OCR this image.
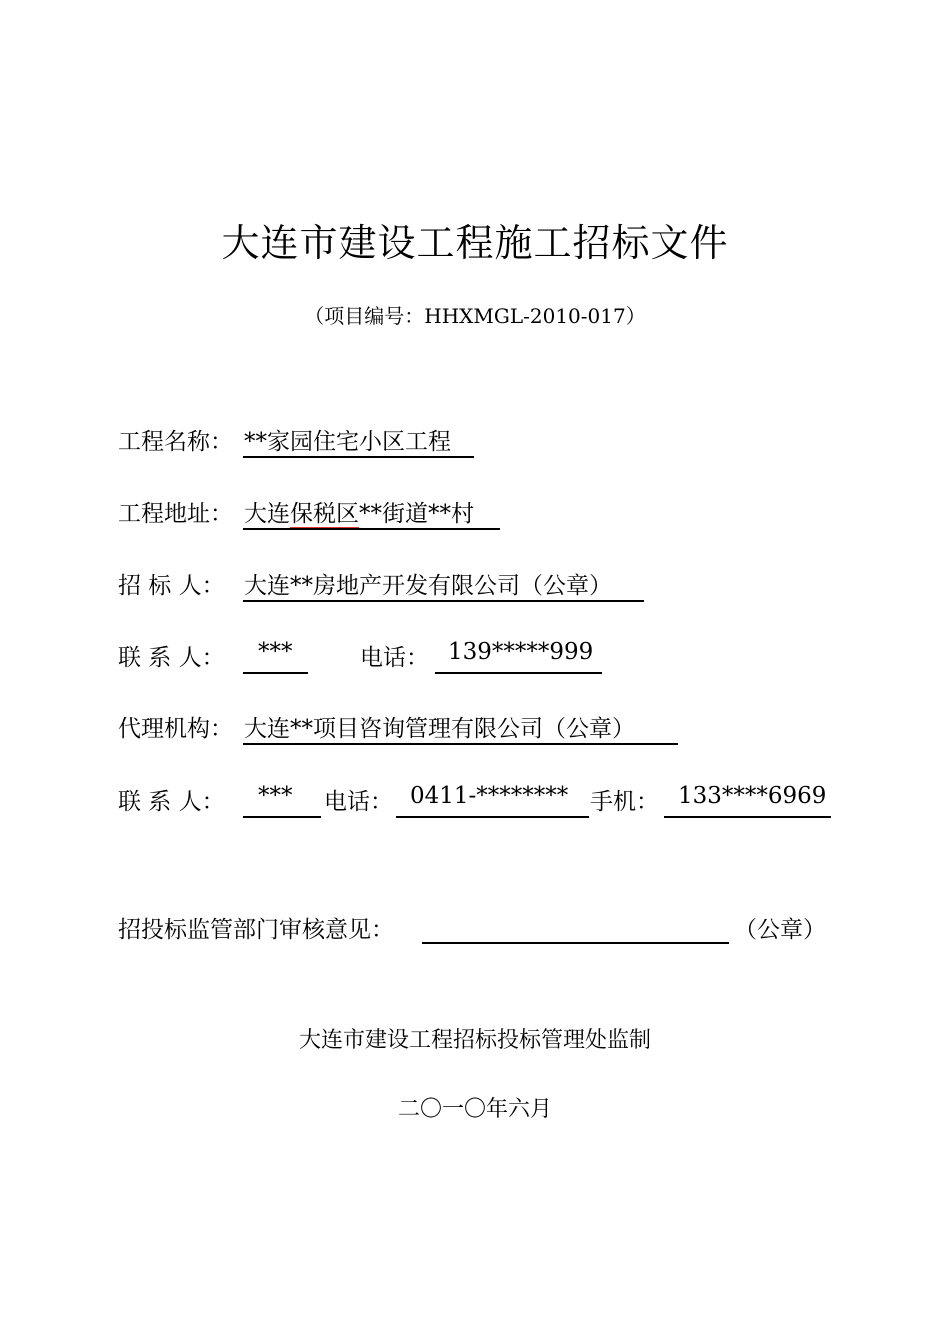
大连市建设工程施工招标文件
（项目编号：HHXMGL-2010-017）
工程名称： **家园住宅小区工程
工程地址： 大连保税区**街道**村
招 标 人： 大连**房地产开发有限公司（公章）
联 系 人： ***	电话： 139*****999
代理机构： 大连**项目咨询管理有限公司（公章）
联 系 人： *** 电话： 0411-******** 手机： 133****6969
招投标监管部门审核意见：	（公章）
大连市建设工程招标投标管理处监制
二〇一〇年六月
